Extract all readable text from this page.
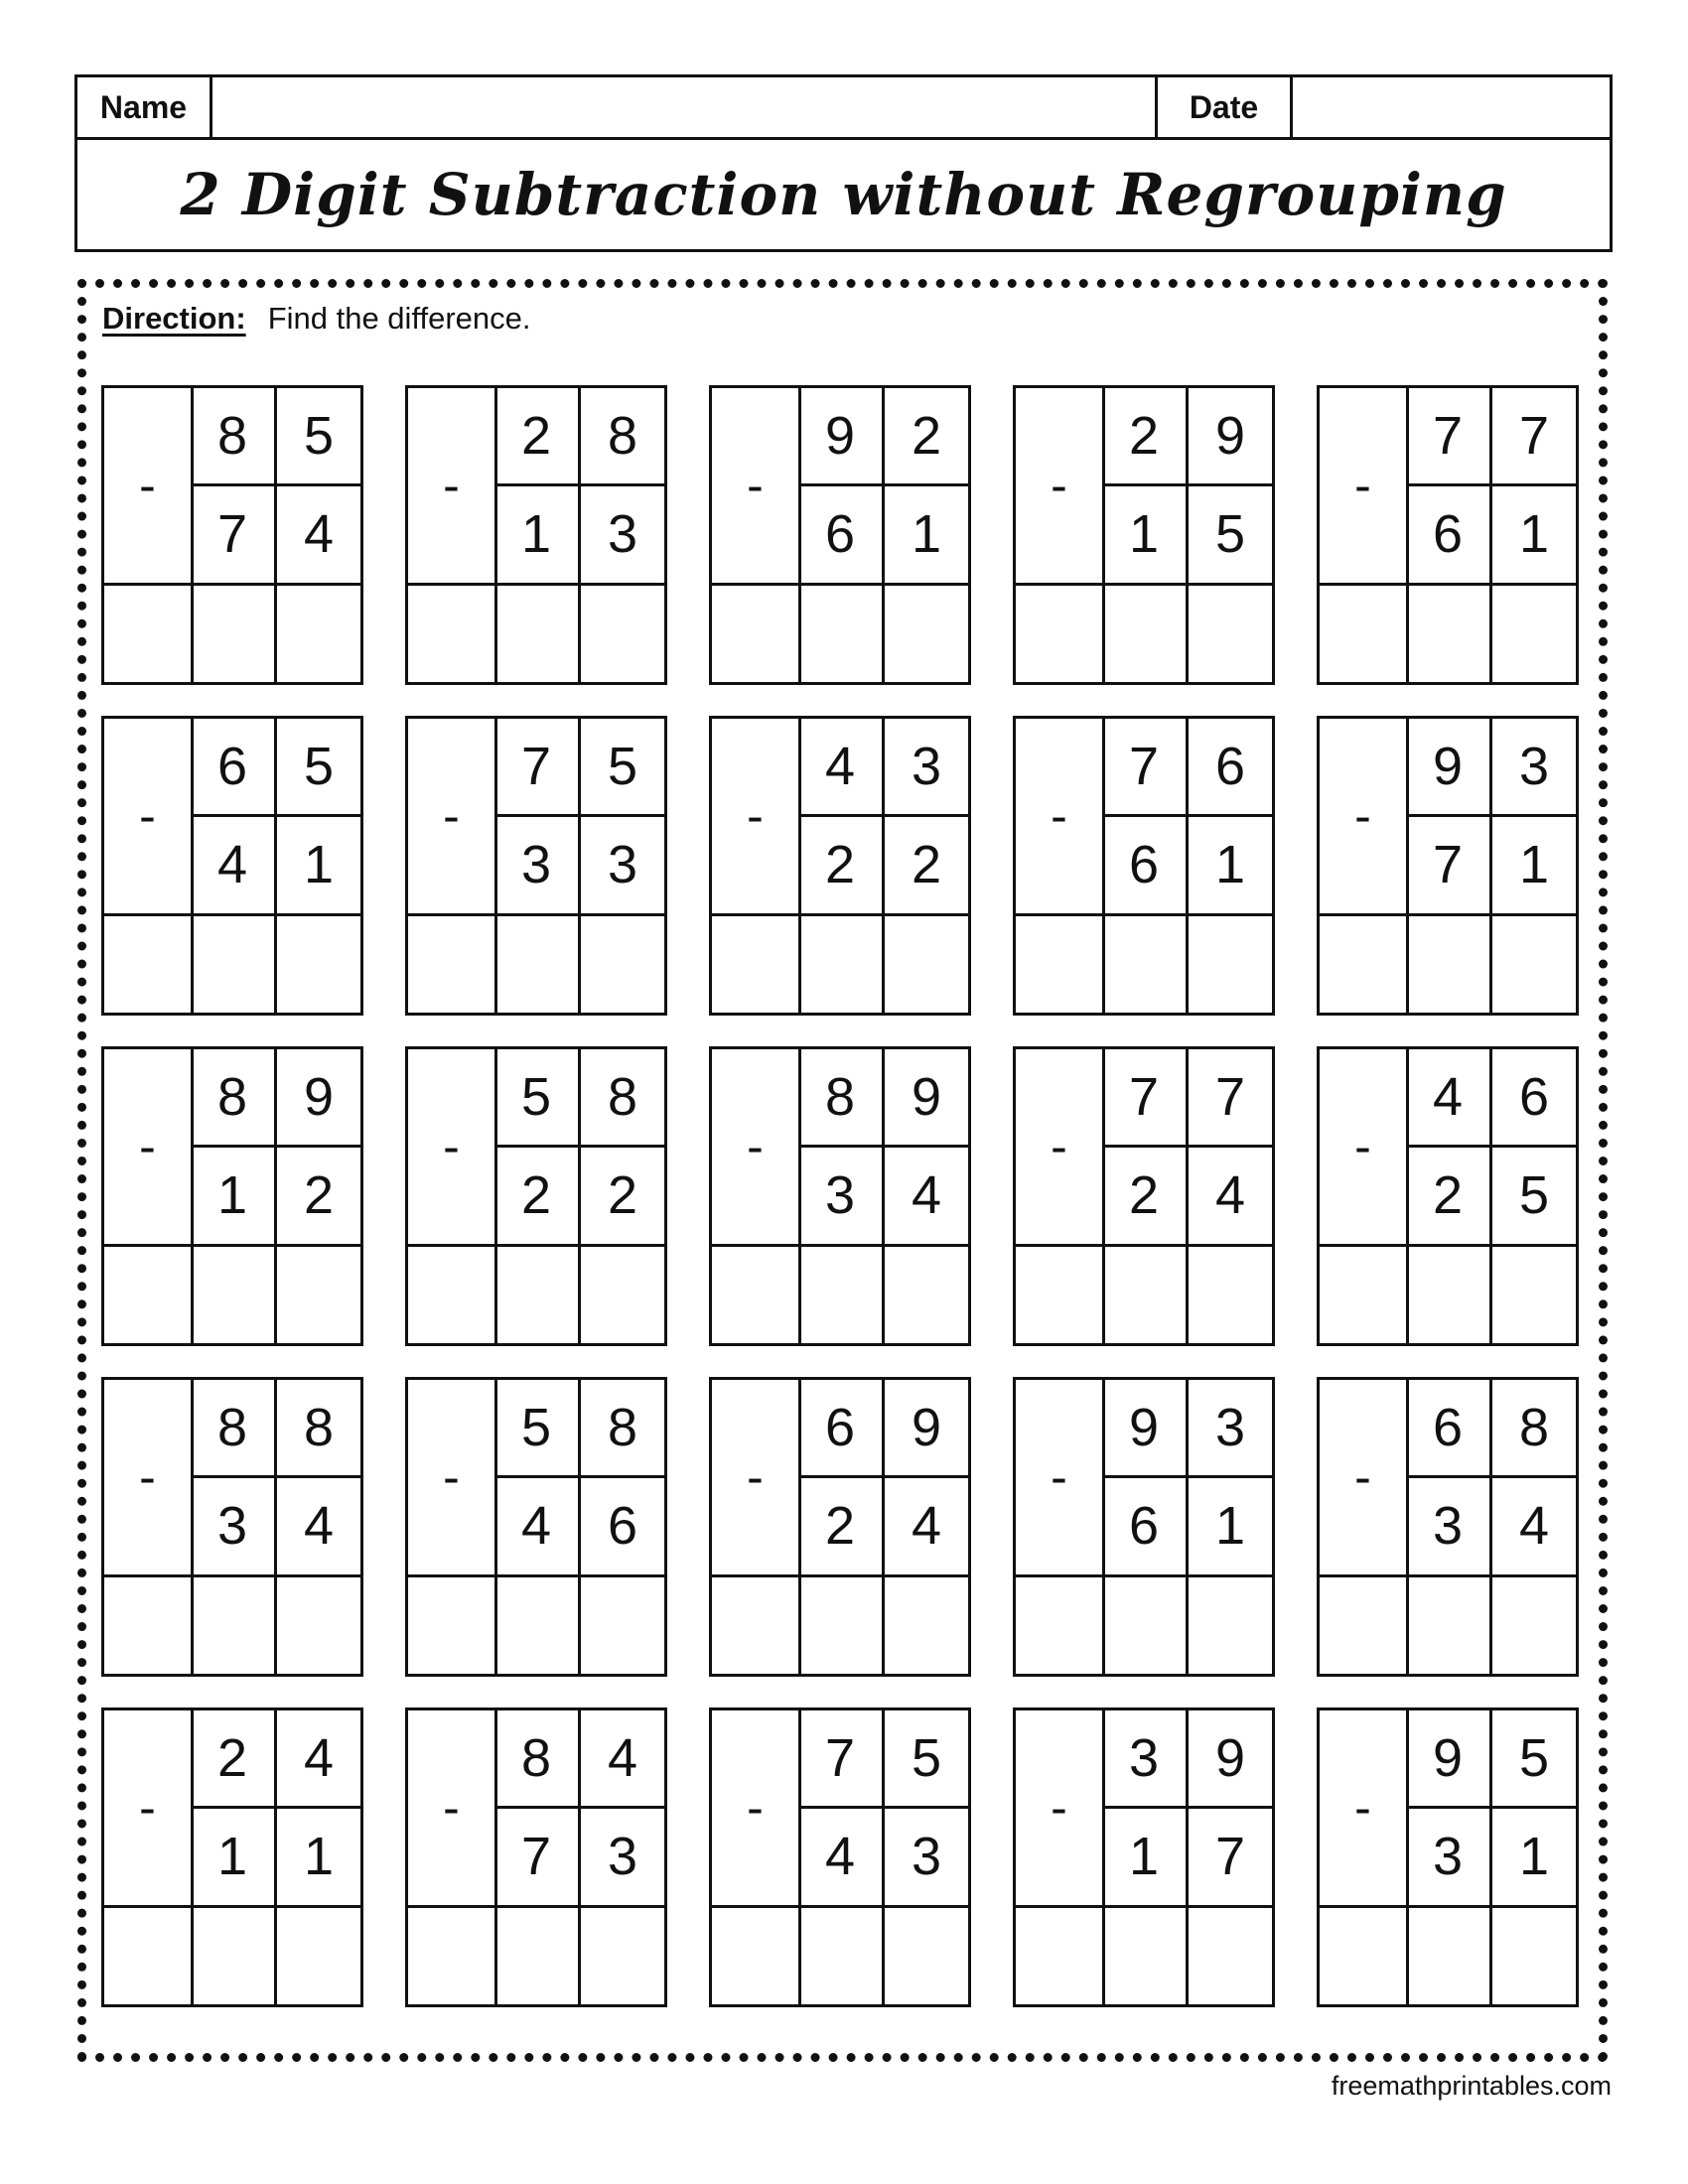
Name	Date
2 Digit Subtraction without Regrouping
Direction: Find the difference.
-
8	5
7	4
-
2	8
1	3
-
9	2
6	1
-
2	9
1	5
-
7	7
6	1
-
6	5
4	1
-
7	5
3	3
-
4	3
2	2
-
7	6
6	1
-
9	3
7	1
-
8	9
1	2
-
5	8
2	2
-
8	9
3	4
-
7	7
2	4
-
4	6
2	5
-
8	8
3	4
-
5	8
4	6
-
6	9
2	4
-
9	3
6	1
-
6	8
3	4
-
2	4
1	1
-
8	4
7	3
-
7	5
4	3
-
3	9
1	7
-
9	5
3	1
freemathprintables.com
